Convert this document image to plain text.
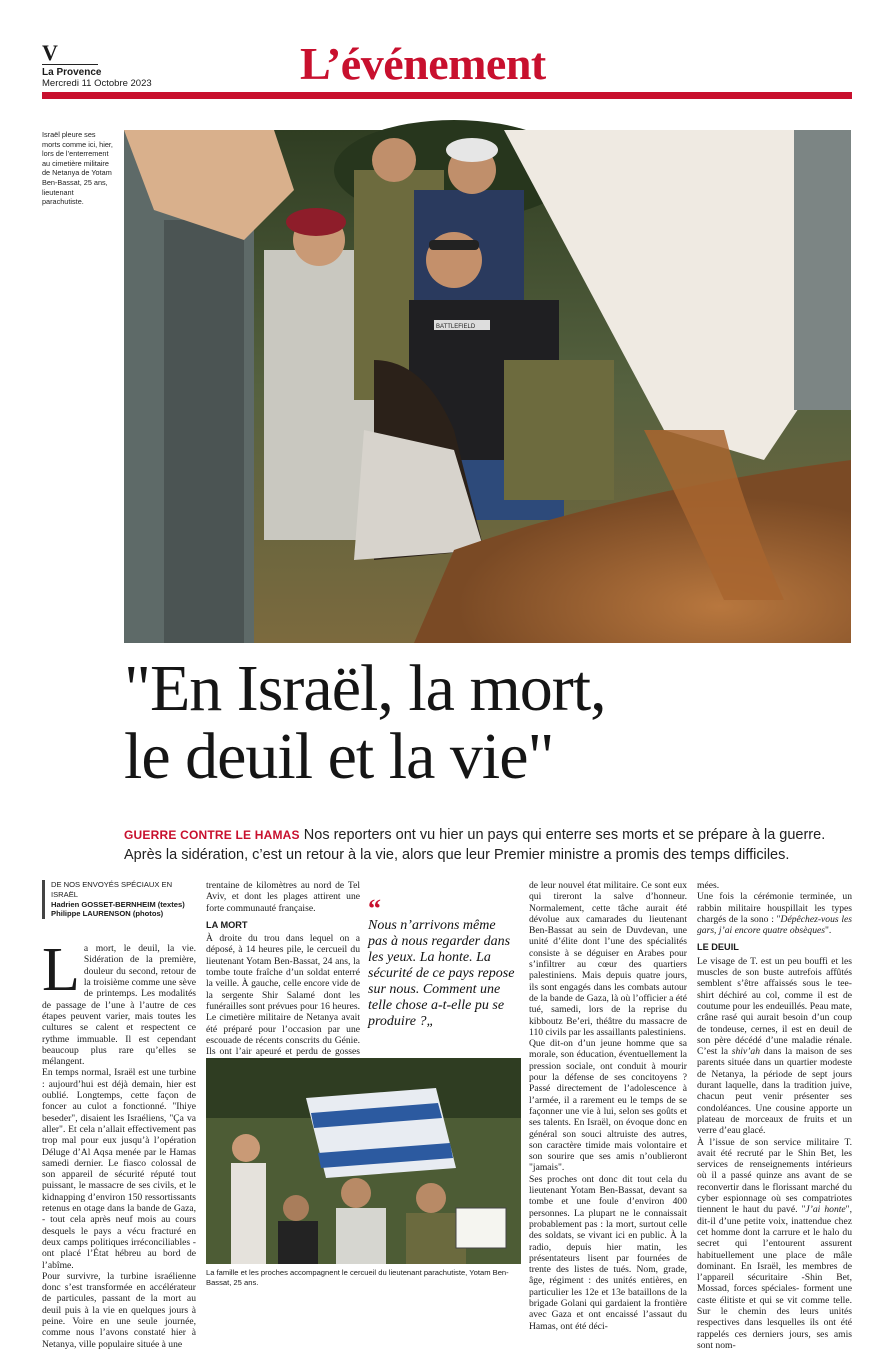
V
La Provence
Mercredi 11 Octobre 2023	L’événement
Israël pleure ses morts comme ici, hier, lors de l’enterrement au cimetière militaire de Netanya de Yotam Ben-Bassat, 25 ans, lieutenant parachutiste.
BATTLEFIELD
"En Israël, la mort,
le deuil et la vie"
GUERRE CONTRE LE HAMAS Nos reporters ont vu hier un pays qui enterre ses morts et se prépare à la guerre. Après la sidération, c’est un retour à la vie, alors que leur Premier ministre a promis des temps difficiles.
DE NOS ENVOYÉS SPÉCIAUX EN ISRAËL
Hadrien GOSSET-BERNHEIM (textes)
Philippe LAURENSON (photos)

La mort, le deuil, la vie. Sidération de la première, douleur du second, retour de la troisième comme une sève de printemps. Les modalités de passage de l’une à l’autre de ces étapes peuvent varier, mais toutes les cultures se calent et respectent ce rythme immuable. Il est cependant beaucoup plus rare qu’elles se mélangent.

En temps normal, Israël est une turbine : aujourd’hui est déjà demain, hier est oublié. Longtemps, cette façon de foncer au culot a fonctionné. "Ihiye beseder", disaient les Israéliens, "Ça va aller". Et cela n’allait effectivement pas trop mal pour eux jusqu’à l’opération Déluge d’Al Aqsa menée par le Hamas samedi dernier. Le fiasco colossal de son appareil de sécurité réputé tout puissant, le massacre de ses civils, et le kidnapping d’environ 150 ressortissants retenus en otage dans la bande de Gaza, - tout cela après neuf mois au cours desquels le pays a vécu fracturé en deux camps politiques irréconciliables - ont placé l’État hébreu au bord de l’abîme.

Pour survivre, la turbine israélienne donc s’est transformée en accélérateur de particules, passant de la mort au deuil puis à la vie en quelques jours à peine. Voire en une seule journée, comme nous l’avons constaté hier à Netanya, ville populaire située à une

trentaine de kilomètres au nord de Tel Aviv, et dont les plages attirent une forte communauté française.

LA MORT

À droite du trou dans lequel on a déposé, à 14 heures pile, le cercueil du lieutenant Yotam Ben-Bassat, 24 ans, la tombe toute fraîche d’un soldat enterré la veille. À gauche, celle encore vide de la sergente Shir Salamé dont les funérailles sont prévues pour 16 heures. Le cimetière militaire de Netanya avait été préparé pour l’occasion par une escouade de récents conscrits du Génie. Ils ont l’air apeuré et perdu de gosses

“
Nous n’arrivons même pas à nous regarder dans les yeux. La honte. La sécurité de ce pays repose sur nous. Comment une telle chose a-t-elle pu se produire ?„
La famille et les proches accompagnent le cercueil du lieutenant parachutiste, Yotam Ben-Bassat, 25 ans.

de leur nouvel état militaire. Ce sont eux qui tireront la salve d’honneur. Normalement, cette tâche aurait été dévolue aux camarades du lieutenant Ben-Bassat au sein de Duvdevan, une unité d’élite dont l’une des spécialités consiste à se déguiser en Arabes pour s’infiltrer au cœur des quartiers palestiniens. Mais depuis quatre jours, ils sont engagés dans les combats autour de la bande de Gaza, là où l’officier a été tué, samedi, lors de la reprise du kibboutz Be’eri, théâtre du massacre de 110 civils par les assaillants palestiniens.

Que dit-on d’un jeune homme que sa morale, son éducation, éventuellement la pression sociale, ont conduit à mourir pour la défense de ses concitoyens ? Passé directement de l’adolescence à l’armée, il a rarement eu le temps de se façonner une vie à lui, selon ses goûts et ses talents. En Israël, on évoque donc en général son souci altruiste des autres, son caractère timide mais volontaire et son sourire que ses amis n’oublieront "jamais".

Ses proches ont donc dit tout cela du lieutenant Yotam Ben-Bassat, devant sa tombe et une foule d’environ 400 personnes. La plupart ne le connaissait probablement pas : la mort, surtout celle des soldats, se vivant ici en public. À la radio, depuis hier matin, les présentateurs lisent par fournées de trente des listes de tués. Nom, grade, âge, régiment : des unités entières, en particulier les 12e et 13e bataillons de la brigade Golani qui gardaient la frontière avec Gaza et ont encaissé l’assaut du Hamas, ont été déci-

mées.

Une fois la cérémonie terminée, un rabbin militaire houspillait les types chargés de la sono : "Dépêchez-vous les gars, j’ai encore quatre obsèques".

LE DEUIL

Le visage de T. est un peu bouffi et les muscles de son buste autrefois affûtés semblent s’être affaissés sous le tee-shirt déchiré au col, comme il est de coutume pour les endeuillés. Peau mate, crâne rasé qui aurait besoin d’un coup de tondeuse, cernes, il est en deuil de son père décédé d’une maladie rénale. C’est la shiv’ah dans la maison de ses parents située dans un quartier modeste de Netanya, la période de sept jours durant laquelle, dans la tradition juive, chacun peut venir présenter ses condoléances. Une cousine apporte un plateau de morceaux de fruits et un verre d’eau glacé.

À l’issue de son service militaire T. avait été recruté par le Shin Bet, les services de renseignements intérieurs où il a passé quinze ans avant de se reconvertir dans le florissant marché du cyber espionnage où ses compatriotes tiennent le haut du pavé. "J’ai honte", dit-il d’une petite voix, inattendue chez cet homme dont la carrure et le halo du secret qui l’entourent assurent habituellement une place de mâle dominant. En Israël, les membres de l’appareil sécuritaire -Shin Bet, Mossad, forces spéciales- forment une caste élitiste et qui se vit comme telle. Sur le chemin des leurs unités respectives dans lesquelles ils ont été rappelés ces derniers jours, ses amis sont nom-
